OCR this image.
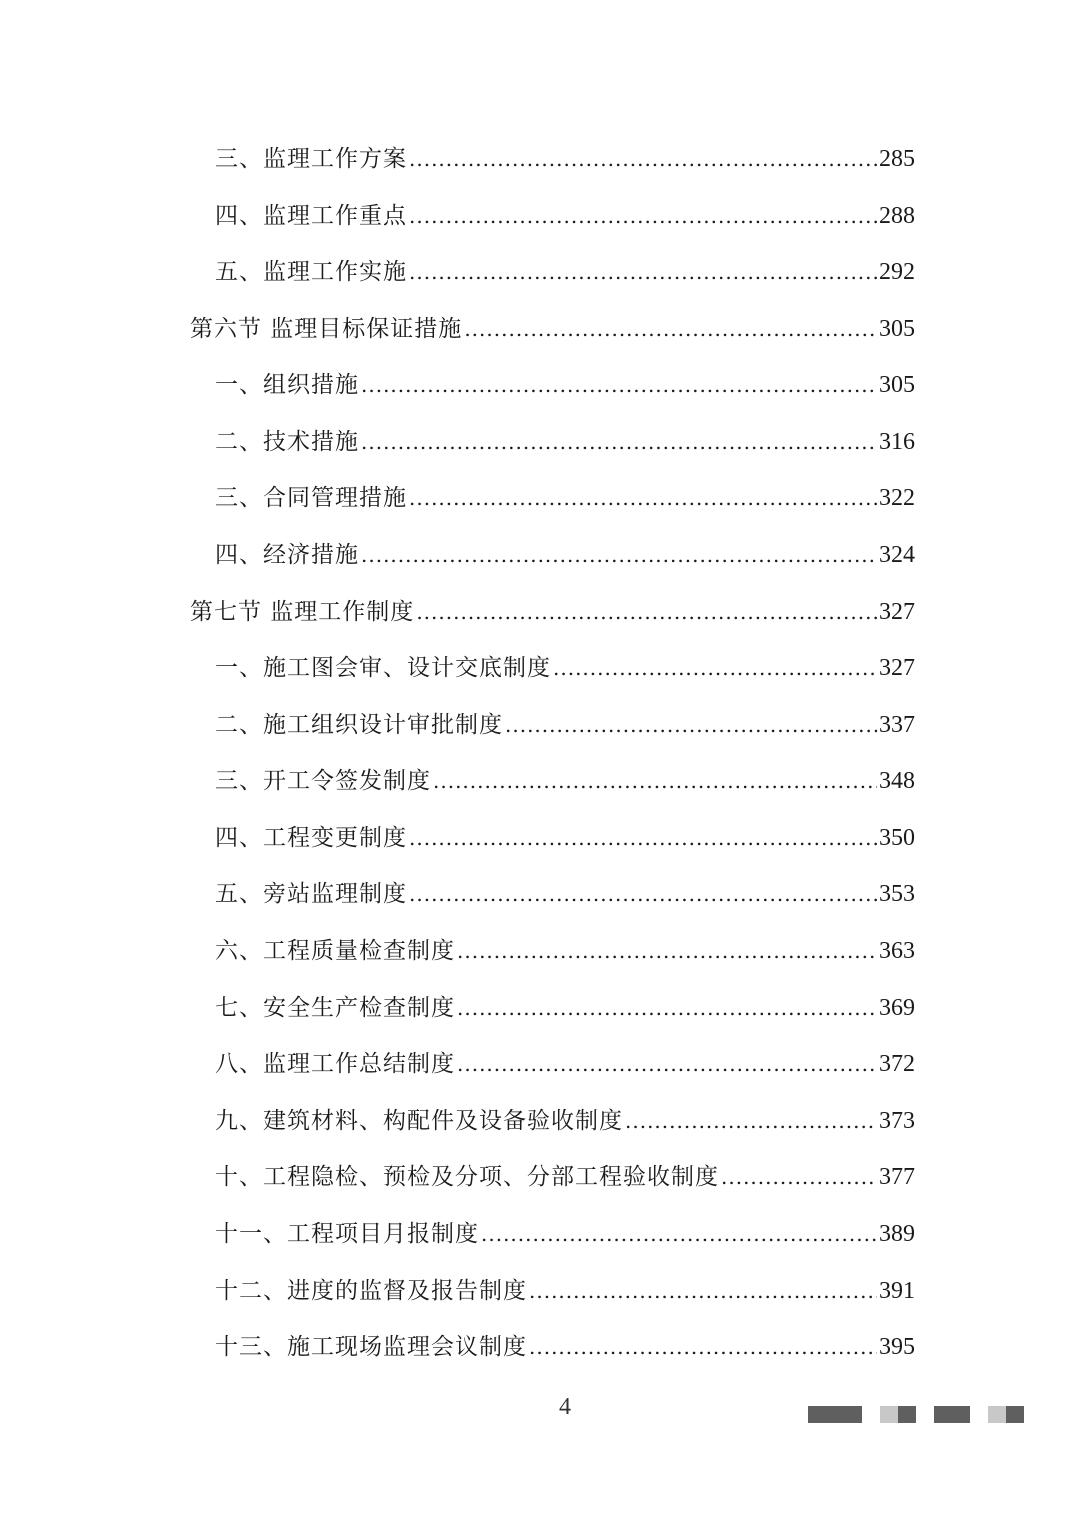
三、监理工作方案 .....	285
四、监理工作重点 .....	288
五、监理工作实施 .....	292
第六节 监理目标保证措施 .....	305
一、组织措施 .....	305
二、技术措施 .....	316
三、合同管理措施 .....	322
四、经济措施 .....	324
第七节 监理工作制度 .....	327
一、施工图会审、设计交底制度 .....	327
二、施工组织设计审批制度 .....	337
三、开工令签发制度 .....	348
四、工程变更制度 .....	350
五、旁站监理制度 .....	353
六、工程质量检查制度 .....	363
七、安全生产检查制度 .....	369
八、监理工作总结制度 .....	372
九、建筑材料、构配件及设备验收制度 .....	373
十、工程隐检、预检及分项、分部工程验收制度 .....	377
十一、工程项目月报制度 .....	389
十二、进度的监督及报告制度 .....	391
十三、施工现场监理会议制度 .....	395
4
